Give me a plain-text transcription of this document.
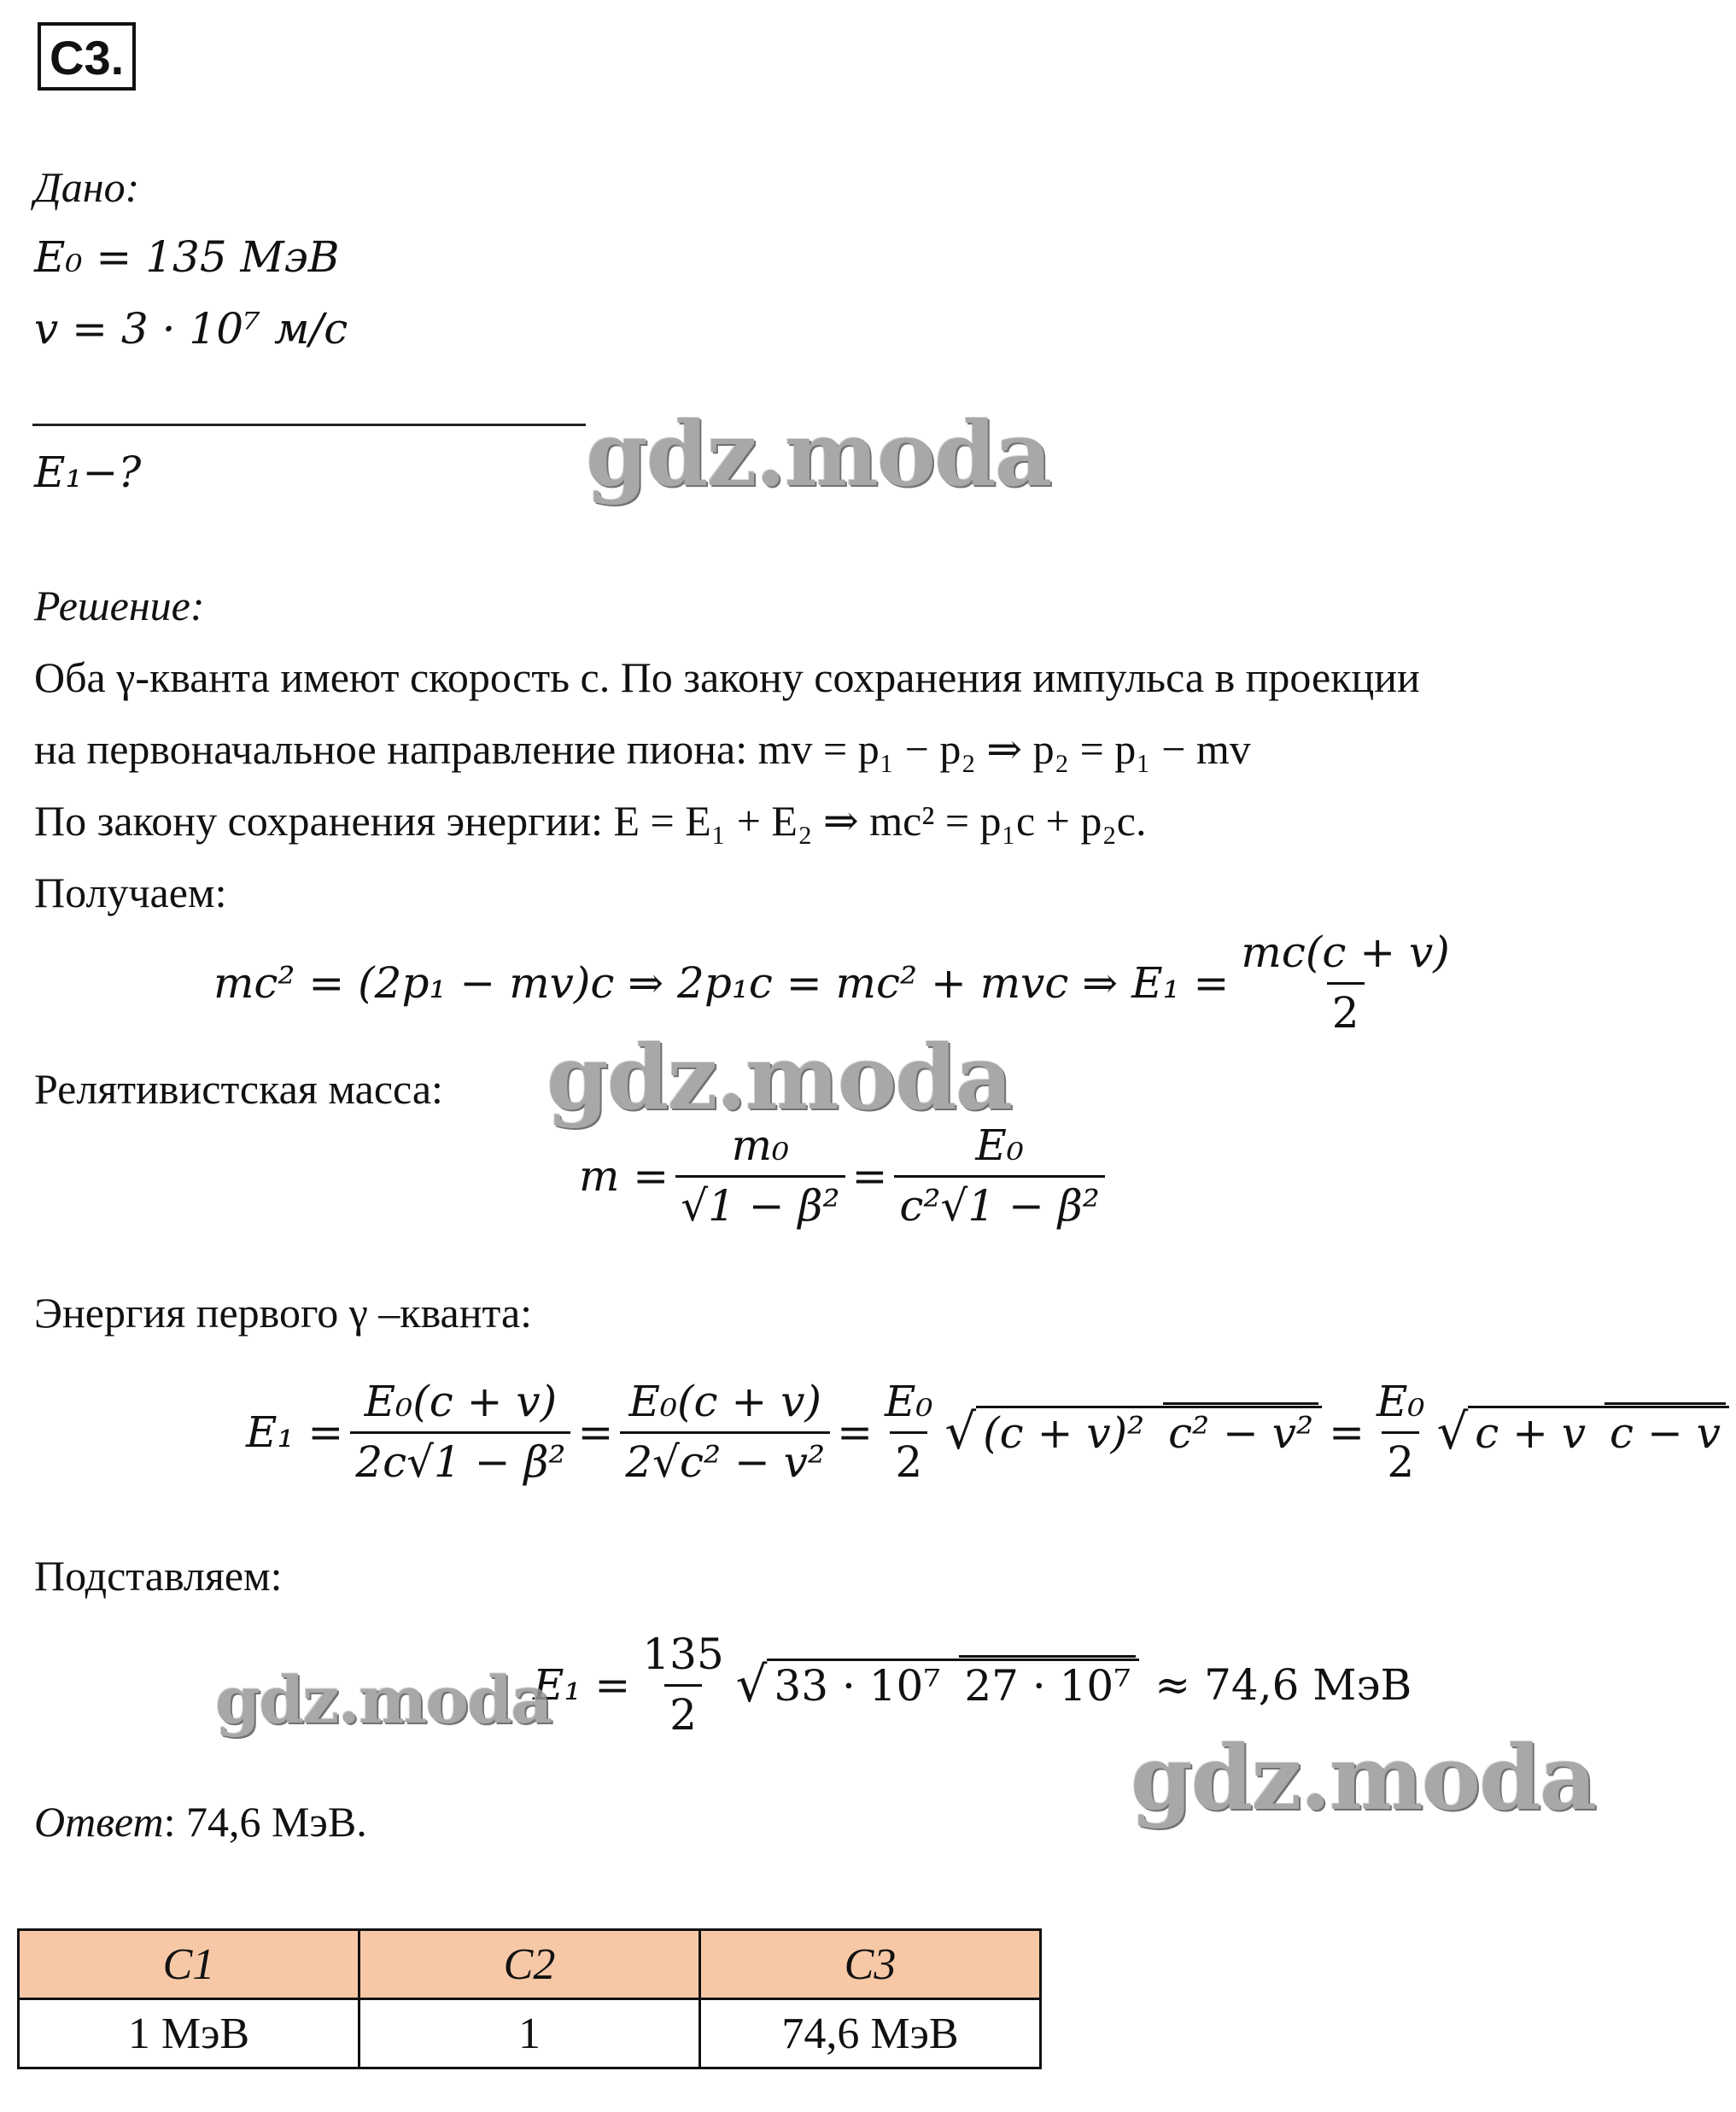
С3.
Дано:
E₀ = 135 МэВ
v = 3 · 10⁷ м/с
E₁−?
Решение:
Оба γ-кванта имеют скорость c. По закону сохранения импульса в проекции
на первоначальное направление пиона: mv = p₁ − p₂ ⇒ p₂ = p₁ − mv
По закону сохранения энергии: E = E₁ + E₂ ⇒ mc² = p₁c + p₂c.
Получаем:
mc² = (2p₁ − mv)c ⇒ 2p₁c = mc² + mvc ⇒ $E_1 = \frac{mc(c + v)}{2}$
Релятивистская масса:
$m = \frac{\text{m₀}}{\text{√1 − β²}} = \frac{\text{E₀}}{\text{c²√1 − β²}}$
Энергия первого γ –кванта:
$E_1 = \frac{\text{E₀(c + v)}}{\text{2c√1 − β²}} = \frac{\text{E₀(c + v)}}{\text{2√c² − v²}} = \frac{\text{E₀}}{2}$ √ (c + v)² $c^2 - v^2 = \frac{\text{E₀}}{2}$ √ c + v c − v
Подставляем:
$E_1 = \frac{135}{2}$ √ 33 · 10⁷ 27 · 10⁷ ≈ 74,6 МэВ
Ответ: 74,6 МэВ.
С1	С2	С3
1 МэВ	1	74,6 МэВ
gdz.moda
gdz.moda
gdz.moda
gdz.moda
